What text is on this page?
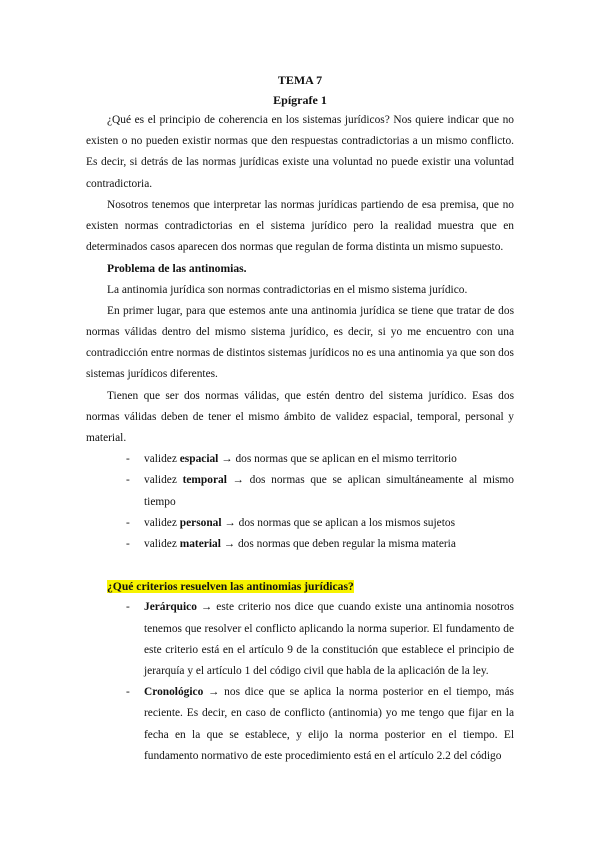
TEMA 7
Epígrafe 1

¿Qué es el principio de coherencia en los sistemas jurídicos? Nos quiere indicar que no existen o no pueden existir normas que den respuestas contradictorias a un mismo conflicto. Es decir, si detrás de las normas jurídicas existe una voluntad no puede existir una voluntad contradictoria.

Nosotros tenemos que interpretar las normas jurídicas partiendo de esa premisa, que no existen normas contradictorias en el sistema jurídico pero la realidad muestra que en determinados casos aparecen dos normas que regulan de forma distinta un mismo supuesto.

Problema de las antinomias.

La antinomia jurídica son normas contradictorias en el mismo sistema jurídico.

En primer lugar, para que estemos ante una antinomia jurídica se tiene que tratar de dos normas válidas dentro del mismo sistema jurídico, es decir, si yo me encuentro con una contradicción entre normas de distintos sistemas jurídicos no es una antinomia ya que son dos sistemas jurídicos diferentes.

Tienen que ser dos normas válidas, que estén dentro del sistema jurídico. Esas dos normas válidas deben de tener el mismo ámbito de validez espacial, temporal, personal y material.

- validez espacial → dos normas que se aplican en el mismo territorio
- validez temporal → dos normas que se aplican simultáneamente al mismo tiempo
- validez personal → dos normas que se aplican a los mismos sujetos
- validez material → dos normas que deben regular la misma materia

¿Qué criterios resuelven las antinomias jurídicas?

- Jerárquico → este criterio nos dice que cuando existe una antinomia nosotros tenemos que resolver el conflicto aplicando la norma superior. El fundamento de este criterio está en el artículo 9 de la constitución que establece el principio de jerarquía y el artículo 1 del código civil que habla de la aplicación de la ley.
- Cronológico → nos dice que se aplica la norma posterior en el tiempo, más reciente. Es decir, en caso de conflicto (antinomia) yo me tengo que fijar en la fecha en la que se establece, y elijo la norma posterior en el tiempo. El fundamento normativo de este procedimiento está en el artículo 2.2 del código
